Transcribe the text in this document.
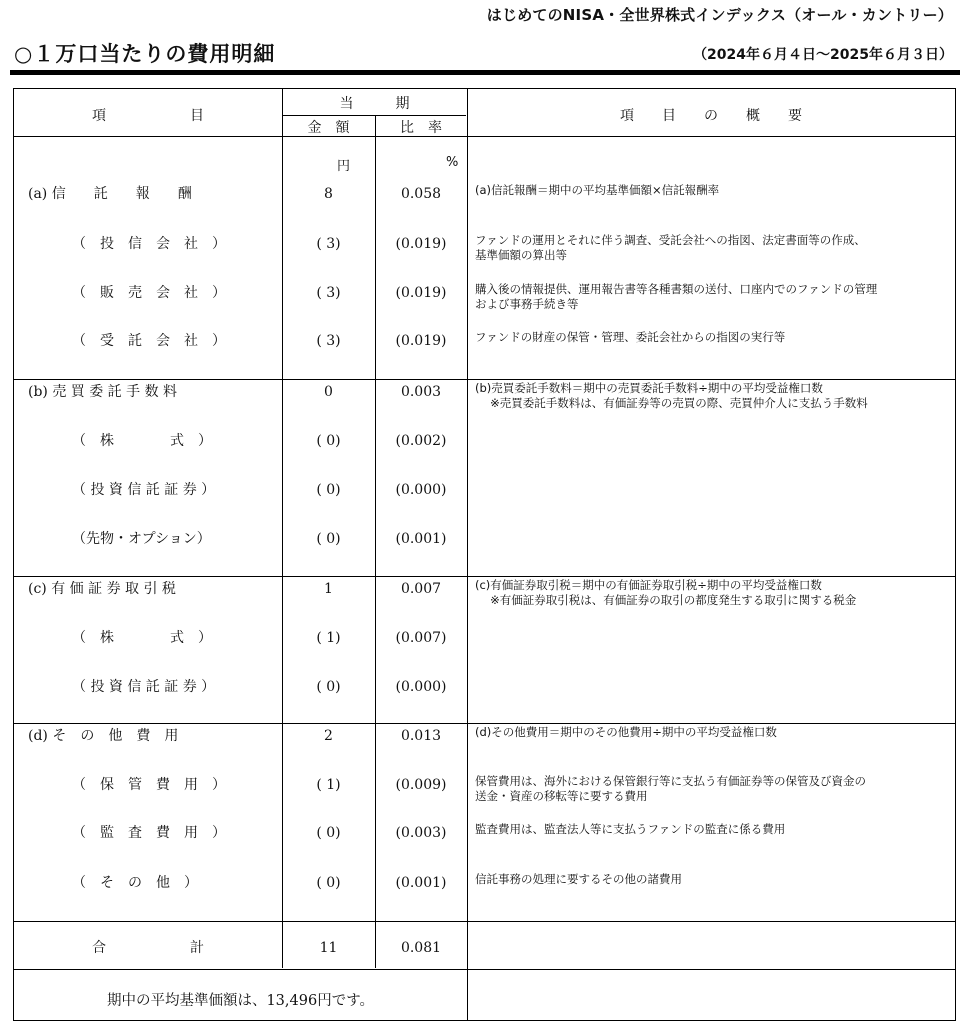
はじめてのNISA・全世界株式インデックス（オール・カントリー）
○１万口当たりの費用明細	（2024年６月４日～2025年６月３日）
項　　　　　　目
当　　　期
金　額	比　率
項　　目　　の　　概　　要
円	%
(a) 信　　託　　報　　酬	8	0.058	(a)信託報酬＝期中の平均基準価額×信託報酬率
（　投　信　会　社　）	( 3)	(0.019)	ファンドの運用とそれに伴う調査、受託会社への指図、法定書面等の作成、
基準価額の算出等
（　販　売　会　社　）	( 3)	(0.019)	購入後の情報提供、運用報告書等各種書類の送付、口座内でのファンドの管理
および事務手続き等
（　受　託　会　社　）	( 3)	(0.019)	ファンドの財産の保管・管理、委託会社からの指図の実行等
(b) 売 買 委 託 手 数 料	0	0.003	(b)売買委託手数料＝期中の売買委託手数料÷期中の平均受益権口数
　 ※売買委託手数料は、有価証券等の売買の際、売買仲介人に支払う手数料
（　株　　　　式　）	( 0)	(0.002)
（ 投 資 信 託 証 券 ）	( 0)	(0.000)
（先物・オプション）	( 0)	(0.001)
(c) 有 価 証 券 取 引 税	1	0.007	(c)有価証券取引税＝期中の有価証券取引税÷期中の平均受益権口数
　 ※有価証券取引税は、有価証券の取引の都度発生する取引に関する税金
（　株　　　　式　）	( 1)	(0.007)
（ 投 資 信 託 証 券 ）	( 0)	(0.000)
(d) そ　の　他　費　用	2	0.013	(d)その他費用＝期中のその他費用÷期中の平均受益権口数
（　保　管　費　用　）	( 1)	(0.009)	保管費用は、海外における保管銀行等に支払う有価証券等の保管及び資金の
送金・資産の移転等に要する費用
（　監　査　費　用　）	( 0)	(0.003)	監査費用は、監査法人等に支払うファンドの監査に係る費用
（　そ　の　他　）	( 0)	(0.001)	信託事務の処理に要するその他の諸費用
合　　　　　　計	11	0.081
期中の平均基準価額は、13,496円です。
